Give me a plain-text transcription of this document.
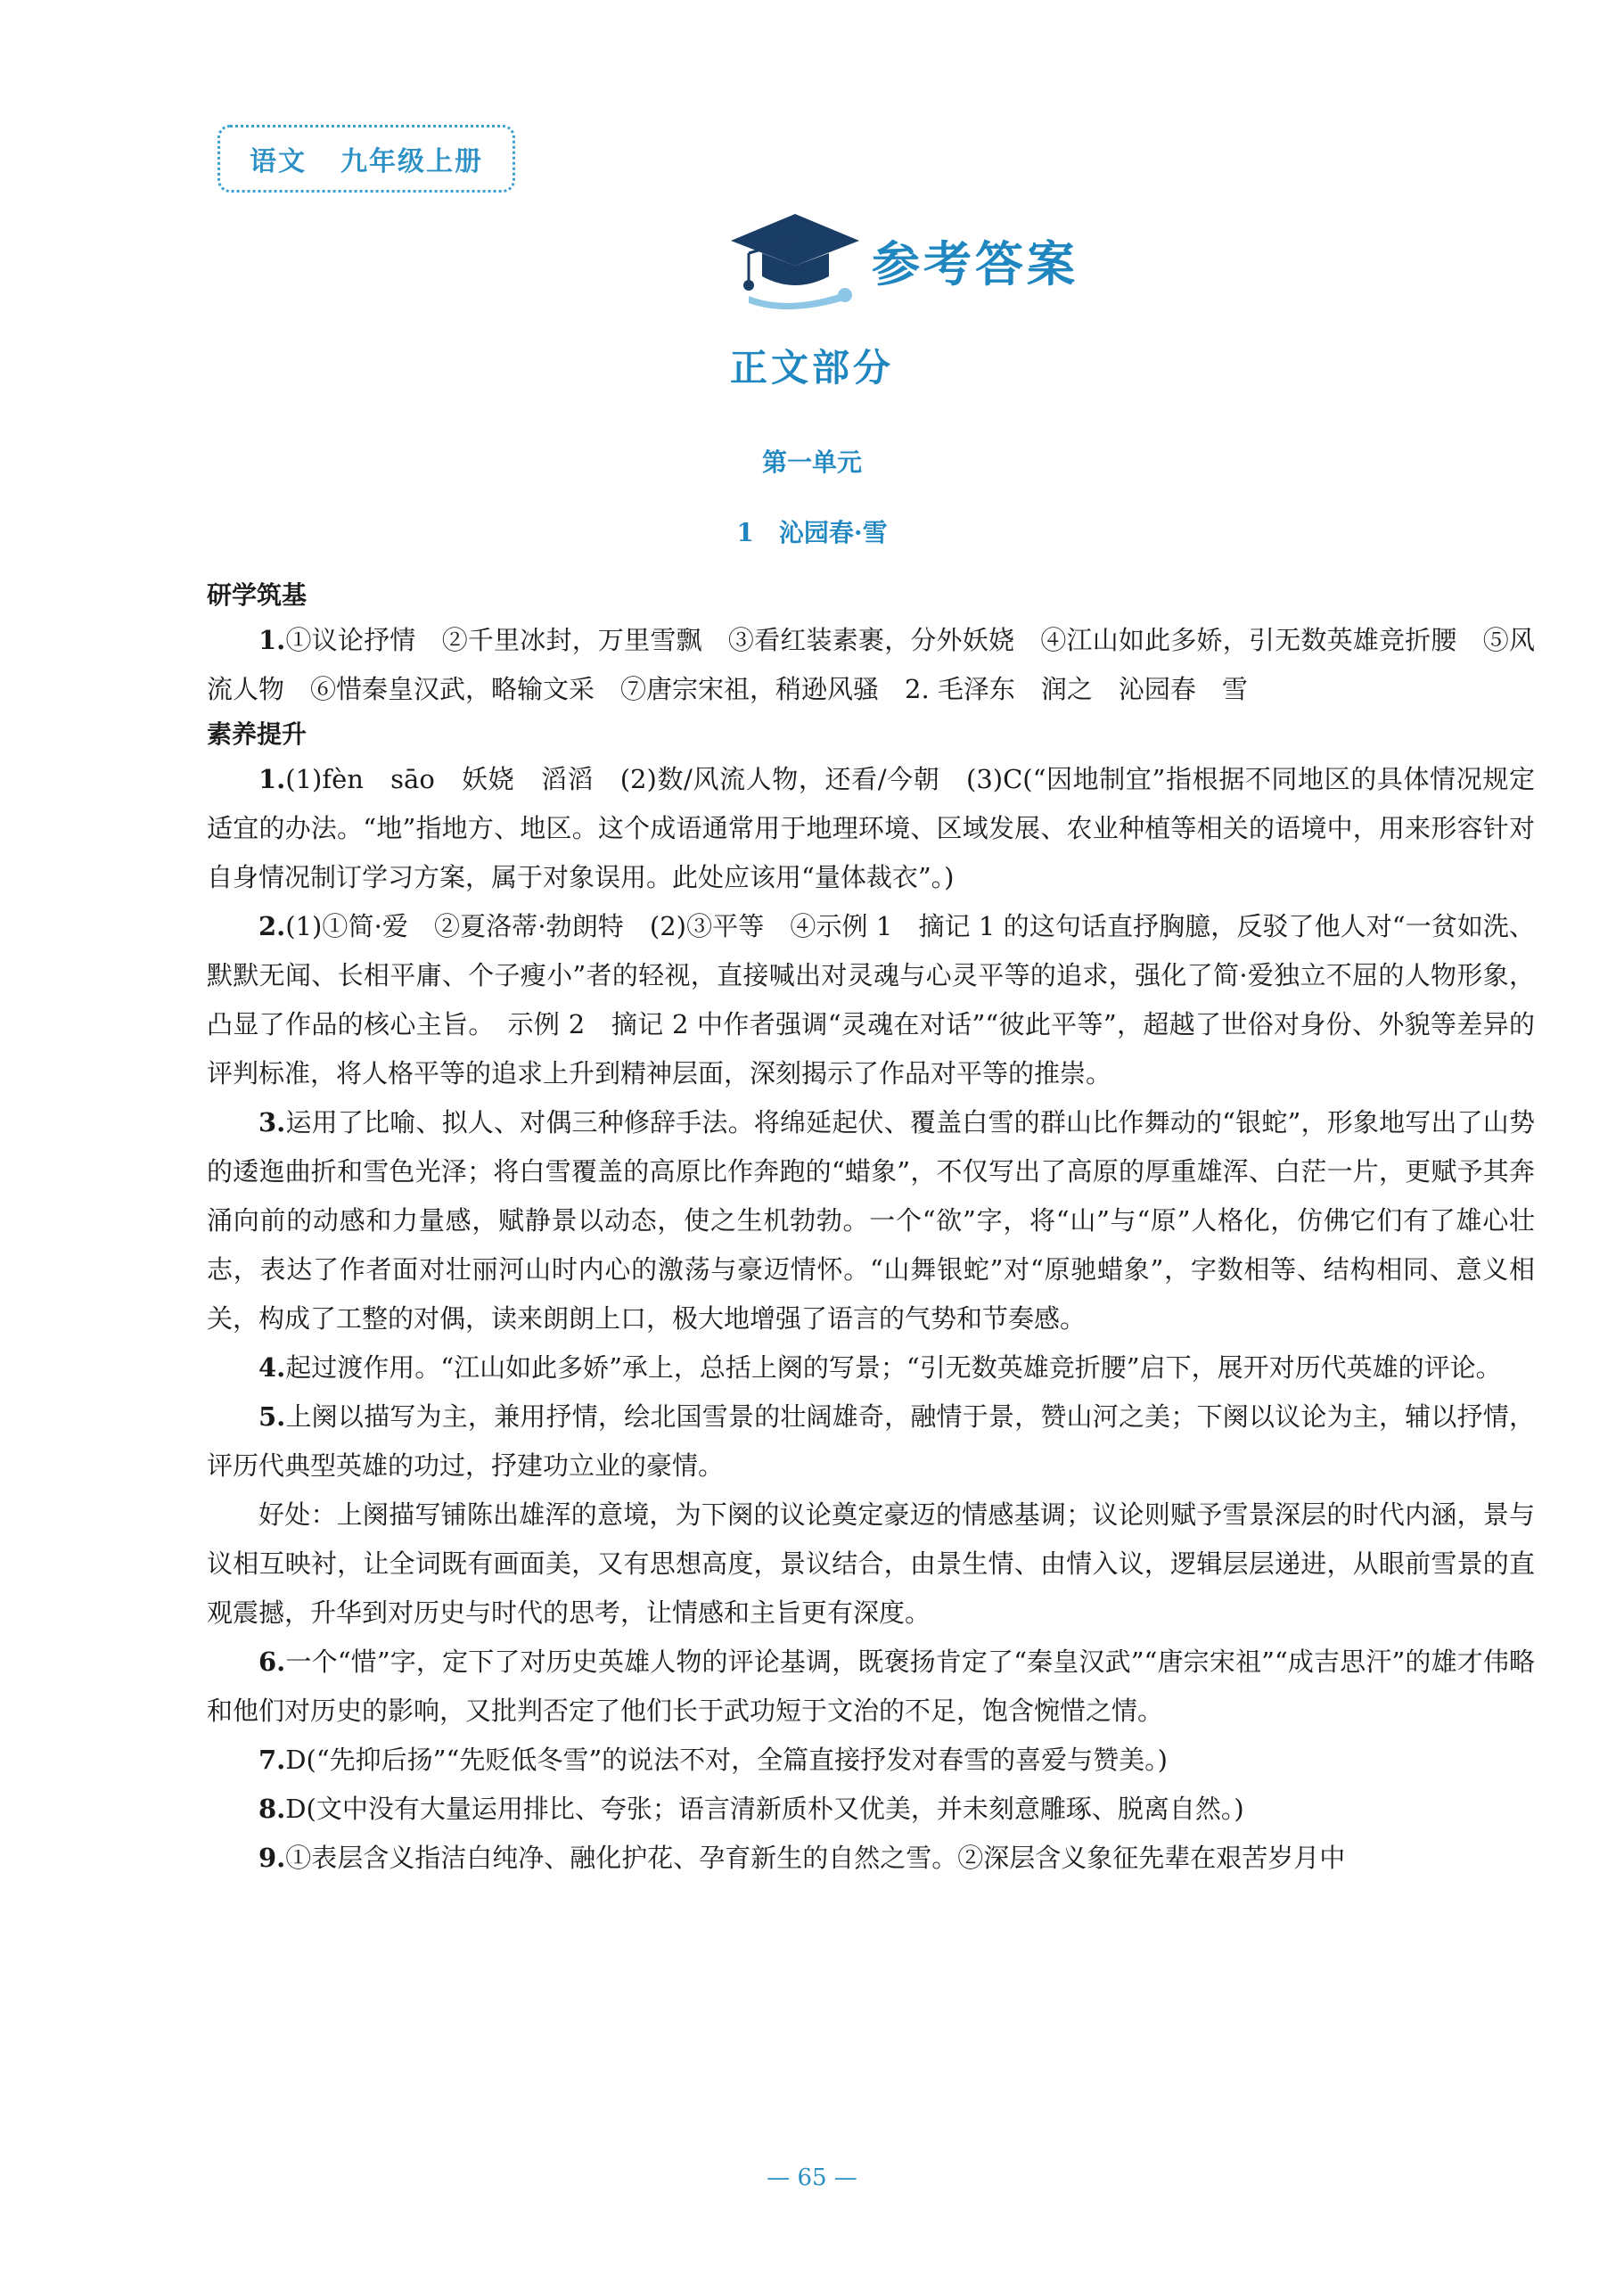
语文 九年级上册
参考答案
正文部分
第一单元
1　沁园春·雪

研学筑基

1.①议论抒情　②千里冰封，万里雪飘　③看红装素裹，分外妖娆　④江山如此多娇，引无数英雄竞折腰　⑤风流人物　⑥惜秦皇汉武，略输文采　⑦唐宗宋祖，稍逊风骚　2. 毛泽东　润之　沁园春　雪

素养提升

1.(1)fèn　sāo　妖娆　滔滔　(2)数/风流人物，还看/今朝　(3)C(“因地制宜”指根据不同地区的具体情况规定适宜的办法。“地”指地方、地区。这个成语通常用于地理环境、区域发展、农业种植等相关的语境中，用来形容针对自身情况制订学习方案，属于对象误用。此处应该用“量体裁衣”。)

2.(1)①简·爱　②夏洛蒂·勃朗特　(2)③平等　④示例 1　摘记 1 的这句话直抒胸臆，反驳了他人对“一贫如洗、默默无闻、长相平庸、个子瘦小”者的轻视，直接喊出对灵魂与心灵平等的追求，强化了简·爱独立不屈的人物形象，凸显了作品的核心主旨。　示例 2　摘记 2 中作者强调“灵魂在对话”“彼此平等”，超越了世俗对身份、外貌等差异的评判标准，将人格平等的追求上升到精神层面，深刻揭示了作品对平等的推崇。

3.运用了比喻、拟人、对偶三种修辞手法。将绵延起伏、覆盖白雪的群山比作舞动的“银蛇”，形象地写出了山势的逶迤曲折和雪色光泽；将白雪覆盖的高原比作奔跑的“蜡象”，不仅写出了高原的厚重雄浑、白茫一片，更赋予其奔涌向前的动感和力量感，赋静景以动态，使之生机勃勃。一个“欲”字，将“山”与“原”人格化，仿佛它们有了雄心壮志，表达了作者面对壮丽河山时内心的激荡与豪迈情怀。“山舞银蛇”对“原驰蜡象”，字数相等、结构相同、意义相关，构成了工整的对偶，读来朗朗上口，极大地增强了语言的气势和节奏感。

4.起过渡作用。“江山如此多娇”承上，总括上阕的写景；“引无数英雄竞折腰”启下，展开对历代英雄的评论。

5.上阕以描写为主，兼用抒情，绘北国雪景的壮阔雄奇，融情于景，赞山河之美；下阕以议论为主，辅以抒情，评历代典型英雄的功过，抒建功立业的豪情。

好处：上阕描写铺陈出雄浑的意境，为下阕的议论奠定豪迈的情感基调；议论则赋予雪景深层的时代内涵，景与议相互映衬，让全词既有画面美，又有思想高度，景议结合，由景生情、由情入议，逻辑层层递进，从眼前雪景的直观震撼，升华到对历史与时代的思考，让情感和主旨更有深度。

6.一个“惜”字，定下了对历史英雄人物的评论基调，既褒扬肯定了“秦皇汉武”“唐宗宋祖”“成吉思汗”的雄才伟略和他们对历史的影响，又批判否定了他们长于武功短于文治的不足，饱含惋惜之情。

7.D(“先抑后扬”“先贬低冬雪”的说法不对，全篇直接抒发对春雪的喜爱与赞美。)

8.D(文中没有大量运用排比、夸张；语言清新质朴又优美，并未刻意雕琢、脱离自然。)

9.①表层含义指洁白纯净、融化护花、孕育新生的自然之雪。②深层含义象征先辈在艰苦岁月中

— 65 —
